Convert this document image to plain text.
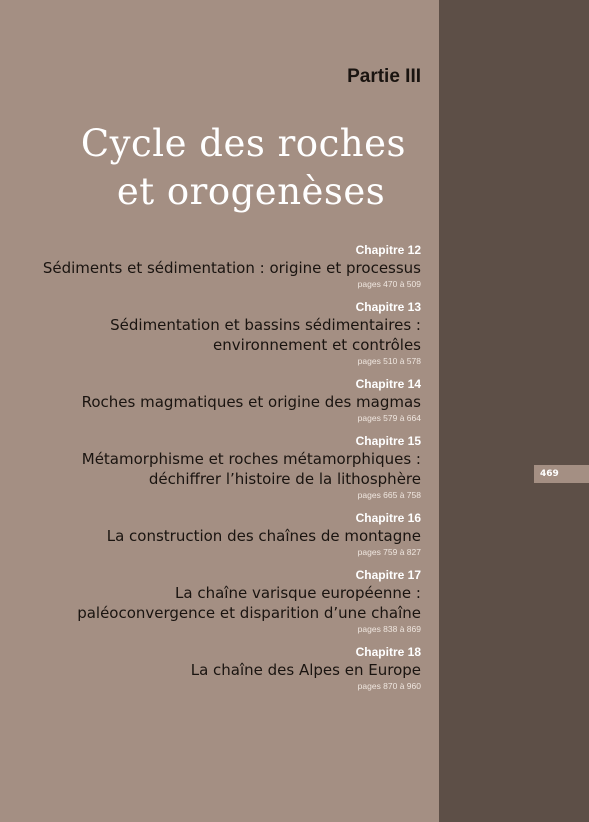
469
Partie III
Cycle des roches
et orogenèses
Chapitre 12
Sédiments et sédimentation : origine et processus
pages 470 à 509
Chapitre 13
Sédimentation et bassins sédimentaires :
environnement et contrôles
pages 510 à 578
Chapitre 14
Roches magmatiques et origine des magmas
pages 579 à 664
Chapitre 15
Métamorphisme et roches métamorphiques :
déchiffrer l’histoire de la lithosphère
pages 665 à 758
Chapitre 16
La construction des chaînes de montagne
pages 759 à 827
Chapitre 17
La chaîne varisque européenne :
paléoconvergence et disparition d’une chaîne
pages 838 à 869
Chapitre 18
La chaîne des Alpes en Europe
pages 870 à 960
